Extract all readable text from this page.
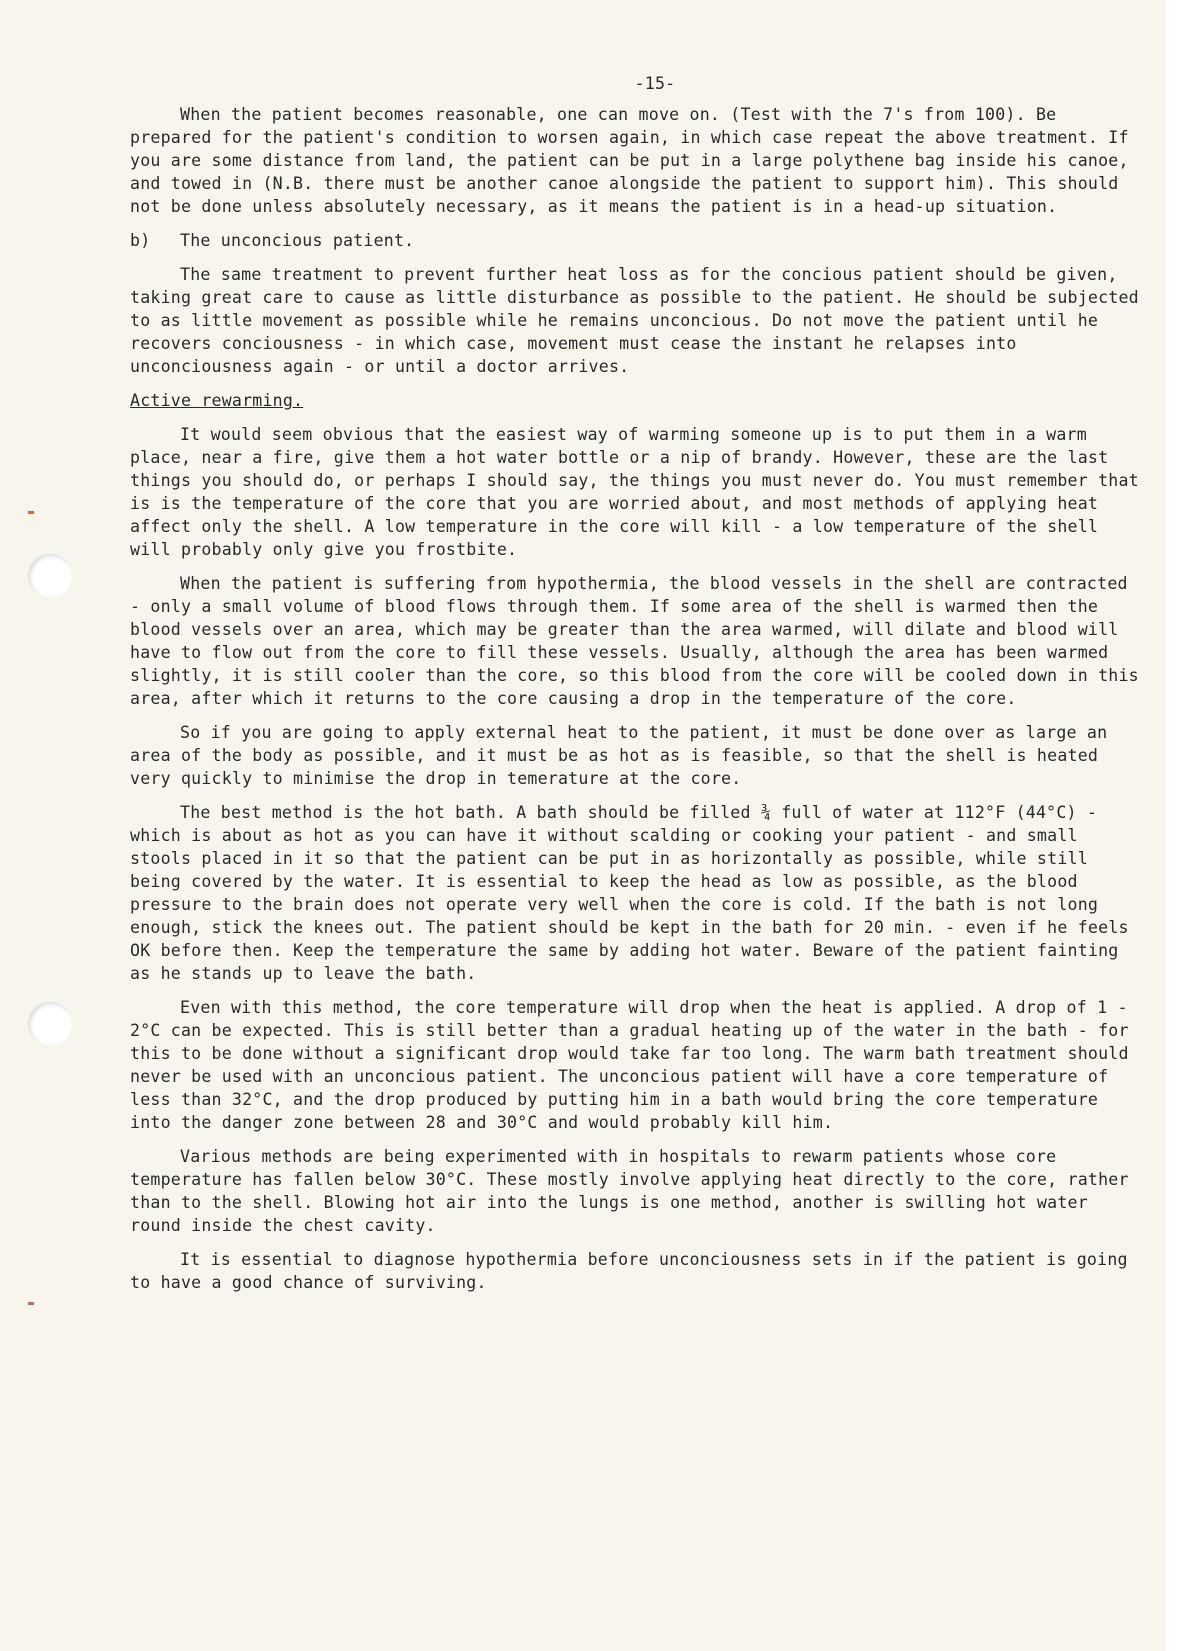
-15-

When the patient becomes reasonable, one can move on. (Test with the 7's from 100). Be prepared for the patient's condition to worsen again, in which case repeat the above treatment. If you are some distance from land, the patient can be put in a large polythene bag inside his canoe, and towed in (N.B. there must be another canoe alongside the patient to support him). This should not be done unless absolutely necessary, as it means the patient is in a head-up situation.

b) The unconcious patient.

The same treatment to prevent further heat loss as for the concious patient should be given, taking great care to cause as little disturbance as possible to the patient. He should be subjected to as little movement as possible while he remains unconcious. Do not move the patient until he recovers conciousness - in which case, movement must cease the instant he relapses into unconciousness again - or until a doctor arrives.

Active rewarming.

It would seem obvious that the easiest way of warming someone up is to put them in a warm place, near a fire, give them a hot water bottle or a nip of brandy. However, these are the last things you should do, or perhaps I should say, the things you must never do. You must remember that is is the temperature of the core that you are worried about, and most methods of applying heat affect only the shell. A low temperature in the core will kill - a low temperature of the shell will probably only give you frostbite.

When the patient is suffering from hypothermia, the blood vessels in the shell are contracted - only a small volume of blood flows through them. If some area of the shell is warmed then the blood vessels over an area, which may be greater than the area warmed, will dilate and blood will have to flow out from the core to fill these vessels. Usually, although the area has been warmed slightly, it is still cooler than the core, so this blood from the core will be cooled down in this area, after which it returns to the core causing a drop in the temperature of the core.

So if you are going to apply external heat to the patient, it must be done over as large an area of the body as possible, and it must be as hot as is feasible, so that the shell is heated very quickly to minimise the drop in temerature at the core.

The best method is the hot bath. A bath should be filled ¾ full of water at 112°F (44°C) - which is about as hot as you can have it without scalding or cooking your patient - and small stools placed in it so that the patient can be put in as horizontally as possible, while still being covered by the water. It is essential to keep the head as low as possible, as the blood pressure to the brain does not operate very well when the core is cold. If the bath is not long enough, stick the knees out. The patient should be kept in the bath for 20 min. - even if he feels OK before then. Keep the temperature the same by adding hot water. Beware of the patient fainting as he stands up to leave the bath.

Even with this method, the core temperature will drop when the heat is applied. A drop of 1 - 2°C can be expected. This is still better than a gradual heating up of the water in the bath - for this to be done without a significant drop would take far too long. The warm bath treatment should never be used with an unconcious patient. The unconcious patient will have a core temperature of less than 32°C, and the drop produced by putting him in a bath would bring the core temperature into the danger zone between 28 and 30°C and would probably kill him.

Various methods are being experimented with in hospitals to rewarm patients whose core temperature has fallen below 30°C. These mostly involve applying heat directly to the core, rather than to the shell. Blowing hot air into the lungs is one method, another is swilling hot water round inside the chest cavity.

It is essential to diagnose hypothermia before unconciousness sets in if the patient is going to have a good chance of surviving.
